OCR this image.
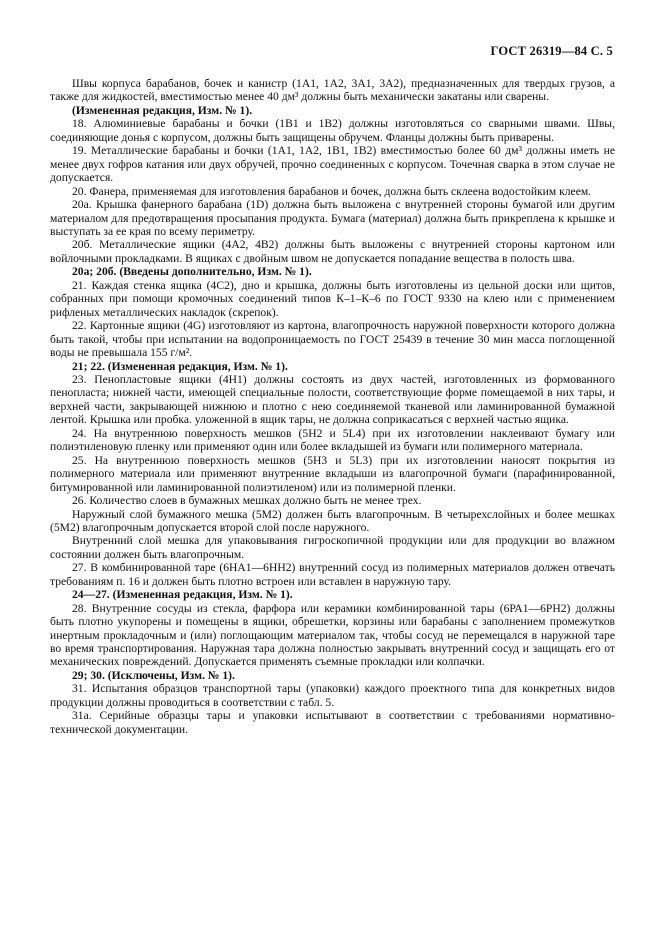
ГОСТ 26319—84 С. 5

Швы корпуса барабанов, бочек и канистр (1А1, 1А2, 3А1, 3А2), предназначенных для твердых грузов, а также для жидкостей, вместимостью менее 40 дм³ должны быть механически закатаны или сварены.

(Измененная редакция, Изм. № 1).

18. Алюминиевые барабаны и бочки (1В1 и 1В2) должны изготовляться со сварными швами. Швы, соединяющие донья с корпусом, должны быть защищены обручем. Фланцы должны быть приварены.

19. Металлические барабаны и бочки (1А1, 1А2, 1В1, 1В2) вместимостью более 60 дм³ должны иметь не менее двух гофров катания или двух обручей, прочно соединенных с корпусом. Точечная сварка в этом случае не допускается.

20. Фанера, применяемая для изготовления барабанов и бочек, должна быть склеена водостойким клеем.

20а. Крышка фанерного барабана (1D) должна быть выложена с внутренней стороны бумагой или другим материалом для предотвращения просыпания продукта. Бумага (материал) должна быть прикреплена к крышке и выступать за ее края по всему периметру.

20б. Металлические ящики (4А2, 4В2) должны быть выложены с внутренней стороны картоном или войлочными прокладками. В ящиках с двойным швом не допускается попадание вещества в полость шва.

20а; 20б. (Введены дополнительно, Изм. № 1).

21. Каждая стенка ящика (4С2), дно и крышка, должны быть изготовлены из цельной доски или щитов, собранных при помощи кромочных соединений типов К–1–К–6 по ГОСТ 9330 на клею или с применением рифленых металлических накладок (скрепок).

22. Картонные ящики (4G) изготовляют из картона, влагопрочность наружной поверхности которого должна быть такой, чтобы при испытании на водопроницаемость по ГОСТ 25439 в течение 30 мин масса поглощенной воды не превышала 155 г/м².

21; 22. (Измененная редакция, Изм. № 1).

23. Пенопластовые ящики (4Н1) должны состоять из двух частей, изготовленных из формованного пенопласта; нижней части, имеющей специальные полости, соответствующие форме помещаемой в них тары, и верхней части, закрывающей нижнюю и плотно с нею соединяемой тканевой или ламинированной бумажной лентой. Крышка или пробка. уложенной в ящик тары, не должна соприкасаться с верхней частью ящика.

24. На внутреннюю поверхность мешков (5Н2 и 5L4) при их изготовлении наклеивают бумагу или полиэтиленовую пленку или применяют один или более вкладышей из бумаги или полимерного материала.

25. На внутреннюю поверхность мешков (5Н3 и 5L3) при их изготовлении наносят покрытия из полимерного материала или применяют внутренние вкладыши из влагопрочной бумаги (парафинированной, битумированной или ламинированной полиэтиленом) или из полимерной пленки.

26. Количество слоев в бумажных мешках должно быть не менее трех.

Наружный слой бумажного мешка (5М2) должен быть влагопрочным. В четырехслойных и более мешках (5М2) влагопрочным допускается второй слой после наружного.

Внутренний слой мешка для упаковывания гигроскопичной продукции или для продукции во влажном состоянии должен быть влагопрочным.

27. В комбинированной таре (6НА1—6НН2) внутренний сосуд из полимерных материалов должен отвечать требованиям п. 16 и должен быть плотно встроен или вставлен в наружную тару.

24—27. (Измененная редакция, Изм. № 1).

28. Внутренние сосуды из стекла, фарфора или керамики комбинированной тары (6РА1—6РН2) должны быть плотно укупорены и помещены в ящики, обрешетки, корзины или барабаны с заполнением промежутков инертным прокладочным и (или) поглощающим материалом так, чтобы сосуд не перемещался в наружной таре во время транспортирования. Наружная тара должна полностью закрывать внутренний сосуд и защищать его от механических повреждений. Допускается применять съемные прокладки или колпачки.

29; 30. (Исключены, Изм. № 1).

31. Испытания образцов транспортной тары (упаковки) каждого проектного типа для конкретных видов продукции должны проводиться в соответствии с табл. 5.

31а. Серийные образцы тары и упаковки испытывают в соответствии с требованиями нормативно-технической документации.
